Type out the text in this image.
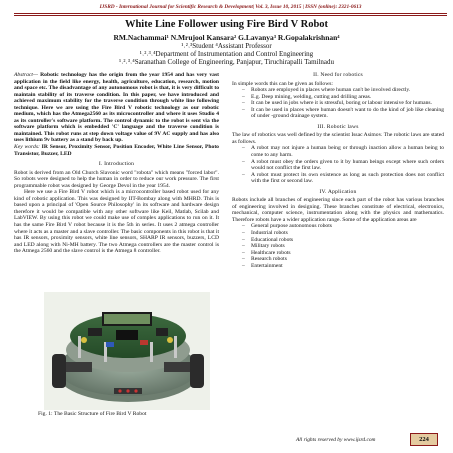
IJSRD - International Journal for Scientific Research & Development| Vol. 3, Issue 10, 2015 | ISSN (online): 2321-0613
White Line Follower using Fire Bird V Robot
RM.Nachammai¹ N.Mrujool Kansara² G.Lavanya³ R.Gopalakrishnan⁴
¹˒²˒³Student ⁴Assistant Professor
¹˒²˒³˒⁴Department of Instrumentation and Control Engineering
¹˒²˒³˒⁴Saranathan College of Engineering, Panjapur, Tiruchirapalli Tamilnadu

Abstract— Robotic technology has the origin from the year 1954 and has very vast application in the field like energy, health, agriculture, education, research, motion and space etc. The disadvantage of any autonomous robot is that, it is very difficult to maintain stability of its traverse condition. In this paper, we have introduced and achieved maximum stability for the traverse condition through white line following technique. Here we are using the Fire Bird V robotic technology as our robotic medium, which has the Atmega2560 as its microcontroller and where it uses Studio 4 as its controller's software platform. The control dynamic to the robot is sent via the software platform which is embedded 'C' language and the traverse condition is maintained. This robot runs at step down voltage value of 9V AC supply and has also uses lithium 9v battery as a stand by back up.

Key words: IR Sensor, Proximity Sensor, Position Encoder, White Line Sensor, Photo Transistor, Buzzer, LED

I. Introduction

Robot is derived from an Old Church Slavonic word "robota" which means "forced labor". So robots were designed to help the human in order to reduce our work pressure. The first programmable robot was designed by George Devol in the year 1954.

Here we use a Fire Bird V robot which is a microcontroller based robot used for any kind of robotic application. This was designed by IIT-Bombay along with MHRD. This is based upon a principal of 'Open Source Philosophy' in its software and hardware design therefore it would be compatible with any other software like Keil, Matlab, Scilab and LabVIEW. By using this robot we could make use of complex applications to run on it. It has the same Fire Bird V robot because it is the 5th in series. It uses 2 atmega controller where it acts as a master and a slave controller. The basic components in this robot is that it has IR sensors, proximity sensors, white line sensors, SHARP IR sensors, buzzers, LCD and LED along with Ni-MH battery. The two Atmega controllers are the master control is the Atmega 2560 and the slave control is the Atmega 8 controller.

Fig. 1: The Basic Structure of Fire Bird V Robot
II. Need for robotics

In simple words this can be given as follows:

– Robots are employed in places where human can't be involved directly.
– E.g. Deep mining, welding, cutting and drilling areas.
– It can be used in jobs where it is stressful, boring or labour intensive for humans.
– It can be used in places where human doesn't want to do the kind of job like cleaning of under -ground drainage system.
III. Robotic laws

The law of robotics was well defined by the scientist Issac Asimov. The robotic laws are stated as follows.

– A robot may not injure a human being or through inaction allow a human being to come to any harm.
– A robot must obey the orders given to it by human beings except where such orders would not conflict the first law.
– A robot must protect its own existence as long as such protection does not conflict with the first or second law.
IV. Application

Robots include all branches of engineering since each part of the robot has various branches of engineering involved in designing. These branches constitute of electrical, electronics, mechanical, computer science, instrumentation along with the physics and mathematics. Therefore robots have a wider application range. Some of the application areas are

– General purpose autonomous robots
– Industrial robots
– Educational robots
– Military robots
– Healthcare robots
– Research robots
– Entertainment
All rights reserved by www.ijsrd.com	224
